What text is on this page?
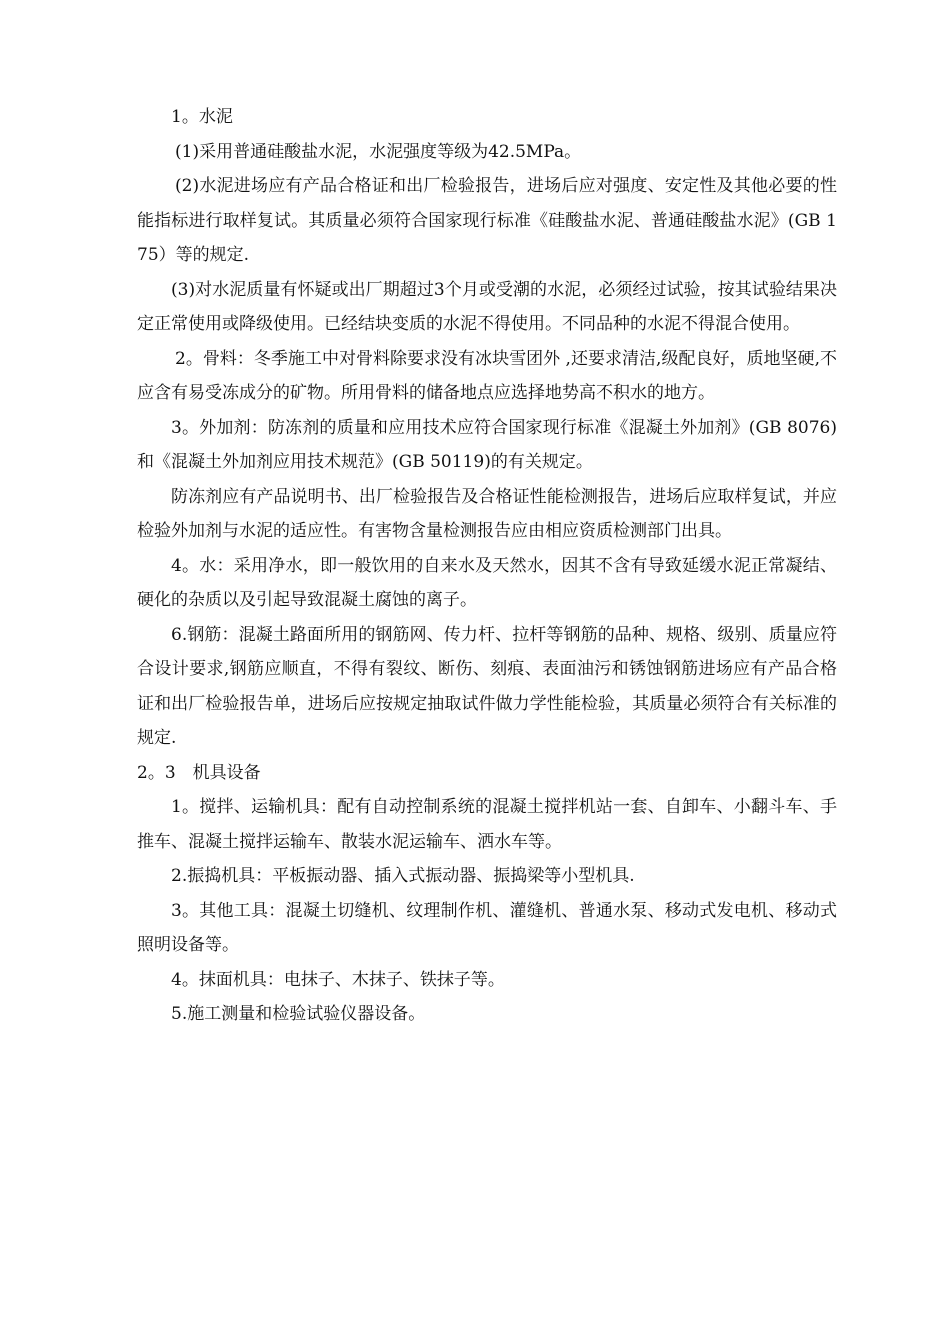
1。水泥

(1)采用普通硅酸盐水泥，水泥强度等级为42.5MPa。

(2)水泥进场应有产品合格证和出厂检验报告，进场后应对强度、安定性及其他必要的性能指标进行取样复试。其质量必须符合国家现行标准《硅酸盐水泥、普通硅酸盐水泥》(GB 175）等的规定.

(3)对水泥质量有怀疑或出厂期超过3个月或受潮的水泥，必须经过试验，按其试验结果决定正常使用或降级使用。已经结块变质的水泥不得使用。不同品种的水泥不得混合使用。

2。骨料：冬季施工中对骨料除要求没有冰块雪团外 ,还要求清洁,级配良好，质地坚硬,不应含有易受冻成分的矿物。所用骨料的储备地点应选择地势高不积水的地方。

3。外加剂：防冻剂的质量和应用技术应符合国家现行标准《混凝土外加剂》(GB 8076)和《混凝土外加剂应用技术规范》(GB 50119)的有关规定。

防冻剂应有产品说明书、出厂检验报告及合格证性能检测报告，进场后应取样复试，并应检验外加剂与水泥的适应性。有害物含量检测报告应由相应资质检测部门出具。

4。水：采用净水，即一般饮用的自来水及天然水，因其不含有导致延缓水泥正常凝结、硬化的杂质以及引起导致混凝土腐蚀的离子。

6.钢筋：混凝土路面所用的钢筋网、传力杆、拉杆等钢筋的品种、规格、级别、质量应符合设计要求,钢筋应顺直，不得有裂纹、断伤、刻痕、表面油污和锈蚀钢筋进场应有产品合格证和出厂检验报告单，进场后应按规定抽取试件做力学性能检验，其质量必须符合有关标准的规定.

2。3　机具设备

1。搅拌、运输机具：配有自动控制系统的混凝土搅拌机站一套、自卸车、小翻斗车、手推车、混凝土搅拌运输车、散装水泥运输车、洒水车等。

2.振捣机具：平板振动器、插入式振动器、振捣梁等小型机具.

3。其他工具：混凝土切缝机、纹理制作机、灌缝机、普通水泵、移动式发电机、移动式照明设备等。

4。抹面机具：电抹子、木抹子、铁抹子等。

5.施工测量和检验试验仪器设备。
